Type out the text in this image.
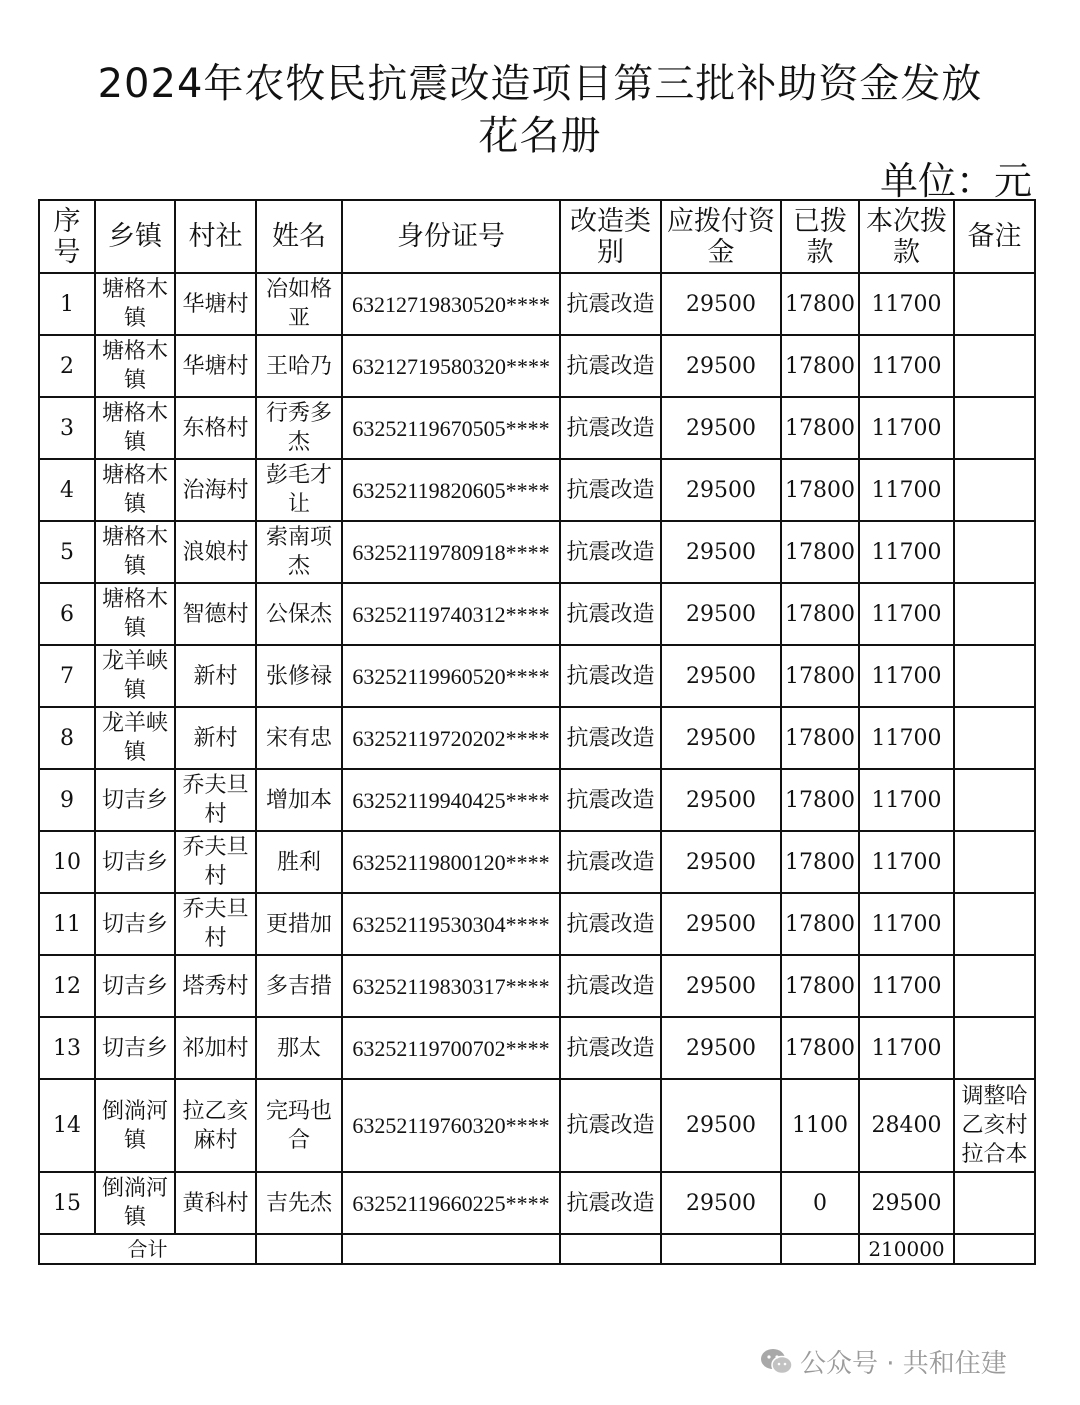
2024年农牧民抗震改造项目第三批补助资金发放
花名册
单位：元
序号	乡镇	村社	姓名	身份证号	改造类别	应拨付资金	已拨款	本次拨款	备注
1	塘格木镇	华塘村	冶如格亚	63212719830520****	抗震改造	29500	17800	11700	
2	塘格木镇	华塘村	王哈乃	63212719580320****	抗震改造	29500	17800	11700	
3	塘格木镇	东格村	行秀多杰	63252119670505****	抗震改造	29500	17800	11700	
4	塘格木镇	治海村	彭毛才让	63252119820605****	抗震改造	29500	17800	11700	
5	塘格木镇	浪娘村	索南项杰	63252119780918****	抗震改造	29500	17800	11700	
6	塘格木镇	智德村	公保杰	63252119740312****	抗震改造	29500	17800	11700	
7	龙羊峡镇	新村	张修禄	63252119960520****	抗震改造	29500	17800	11700	
8	龙羊峡镇	新村	宋有忠	63252119720202****	抗震改造	29500	17800	11700	
9	切吉乡	乔夫旦村	增加本	63252119940425****	抗震改造	29500	17800	11700	
10	切吉乡	乔夫旦村	胜利	63252119800120****	抗震改造	29500	17800	11700	
11	切吉乡	乔夫旦村	更措加	63252119530304****	抗震改造	29500	17800	11700	
12	切吉乡	塔秀村	多吉措	63252119830317****	抗震改造	29500	17800	11700	
13	切吉乡	祁加村	那太	63252119700702****	抗震改造	29500	17800	11700	
14	倒淌河镇	拉乙亥麻村	完玛也合	63252119760320****	抗震改造	29500	1100	28400	调整哈乙亥村拉合本
15	倒淌河镇	黄科村	吉先杰	63252119660225****	抗震改造	29500	0	29500	
合计								210000	
公众号 · 共和住建
